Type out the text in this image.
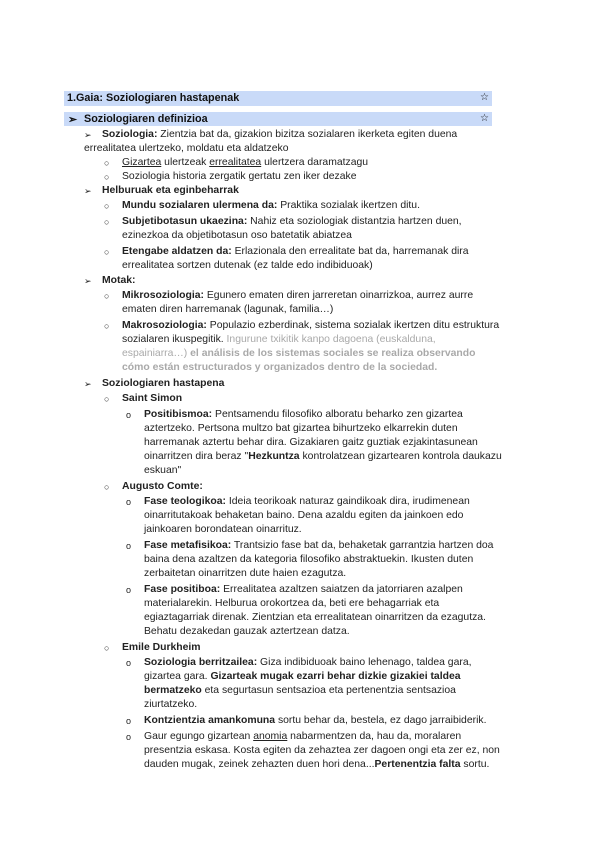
1.Gaia: Soziologiaren hastapenak	☆
➢ Soziologiaren definizioa	☆
➢ Soziologia: Zientzia bat da, gizakion bizitza sozialaren ikerketa egiten duena
errealitatea ulertzeko, moldatu eta aldatzeko
○ Gizartea ulertzeak errealitatea ulertzera daramatzagu
○ Soziologia historia zergatik gertatu zen iker dezake
➢ Helburuak eta eginbeharrak
○ Mundu sozialaren ulermena da: Praktika sozialak ikertzen ditu.
○ Subjetibotasun ukaezina: Nahiz eta soziologiak distantzia hartzen duen,
ezinezkoa da objetibotasun oso batetatik abiatzea
○ Etengabe aldatzen da: Erlazionala den errealitate bat da, harremanak dira
errealitatea sortzen dutenak (ez talde edo indibiduoak)
➢ Motak:
○ Mikrosoziologia: Egunero ematen diren jarreretan oinarrizkoa, aurrez aurre
ematen diren harremanak (lagunak, familia…)
○ Makrosoziologia: Populazio ezberdinak, sistema sozialak ikertzen ditu estruktura
sozialaren ikuspegitik. Ingurune txikitik kanpo dagoena (euskalduna,
espainiarra…) el análisis de los sistemas sociales se realiza observando
cómo están estructurados y organizados dentro de la sociedad.
➢ Soziologiaren hastapena
○ Saint Simon
o Positibismoa: Pentsamendu filosofiko alboratu beharko zen gizartea
aztertzeko. Pertsona multzo bat gizartea bihurtzeko elkarrekin duten
harremanak aztertu behar dira. Gizakiaren gaitz guztiak ezjakintasunean
oinarritzen dira beraz "Hezkuntza kontrolatzean gizartearen kontrola daukazu
eskuan"
○ Augusto Comte:
o Fase teologikoa: Ideia teorikoak naturaz gaindikoak dira, irudimenean
oinarritutakoak behaketan baino. Dena azaldu egiten da jainkoen edo
jainkoaren borondatean oinarrituz.
o Fase metafisikoa: Trantsizio fase bat da, behaketak garrantzia hartzen doa
baina dena azaltzen da kategoria filosofiko abstraktuekin. Ikusten duten
zerbaitetan oinarritzen dute haien ezagutza.
o Fase positiboa: Errealitatea azaltzen saiatzen da jatorriaren azalpen
materialarekin. Helburua orokortzea da, beti ere behagarriak eta
egiaztagarriak direnak. Zientzian eta errealitatean oinarritzen da ezagutza.
Behatu dezakedan gauzak aztertzean datza.
○ Emile Durkheim
o Soziologia berritzailea: Giza indibiduoak baino lehenago, taldea gara,
gizartea gara. Gizarteak mugak ezarri behar dizkie gizakiei taldea
bermatzeko eta segurtasun sentsazioa eta pertenentzia sentsazioa
ziurtatzeko.
o Kontzientzia amankomuna sortu behar da, bestela, ez dago jarraibiderik.
o Gaur egungo gizartean anomia nabarmentzen da, hau da, moralaren
presentzia eskasa. Kosta egiten da zehaztea zer dagoen ongi eta zer ez, non
dauden mugak, zeinek zehazten duen hori dena...Pertenentzia falta sortu.
